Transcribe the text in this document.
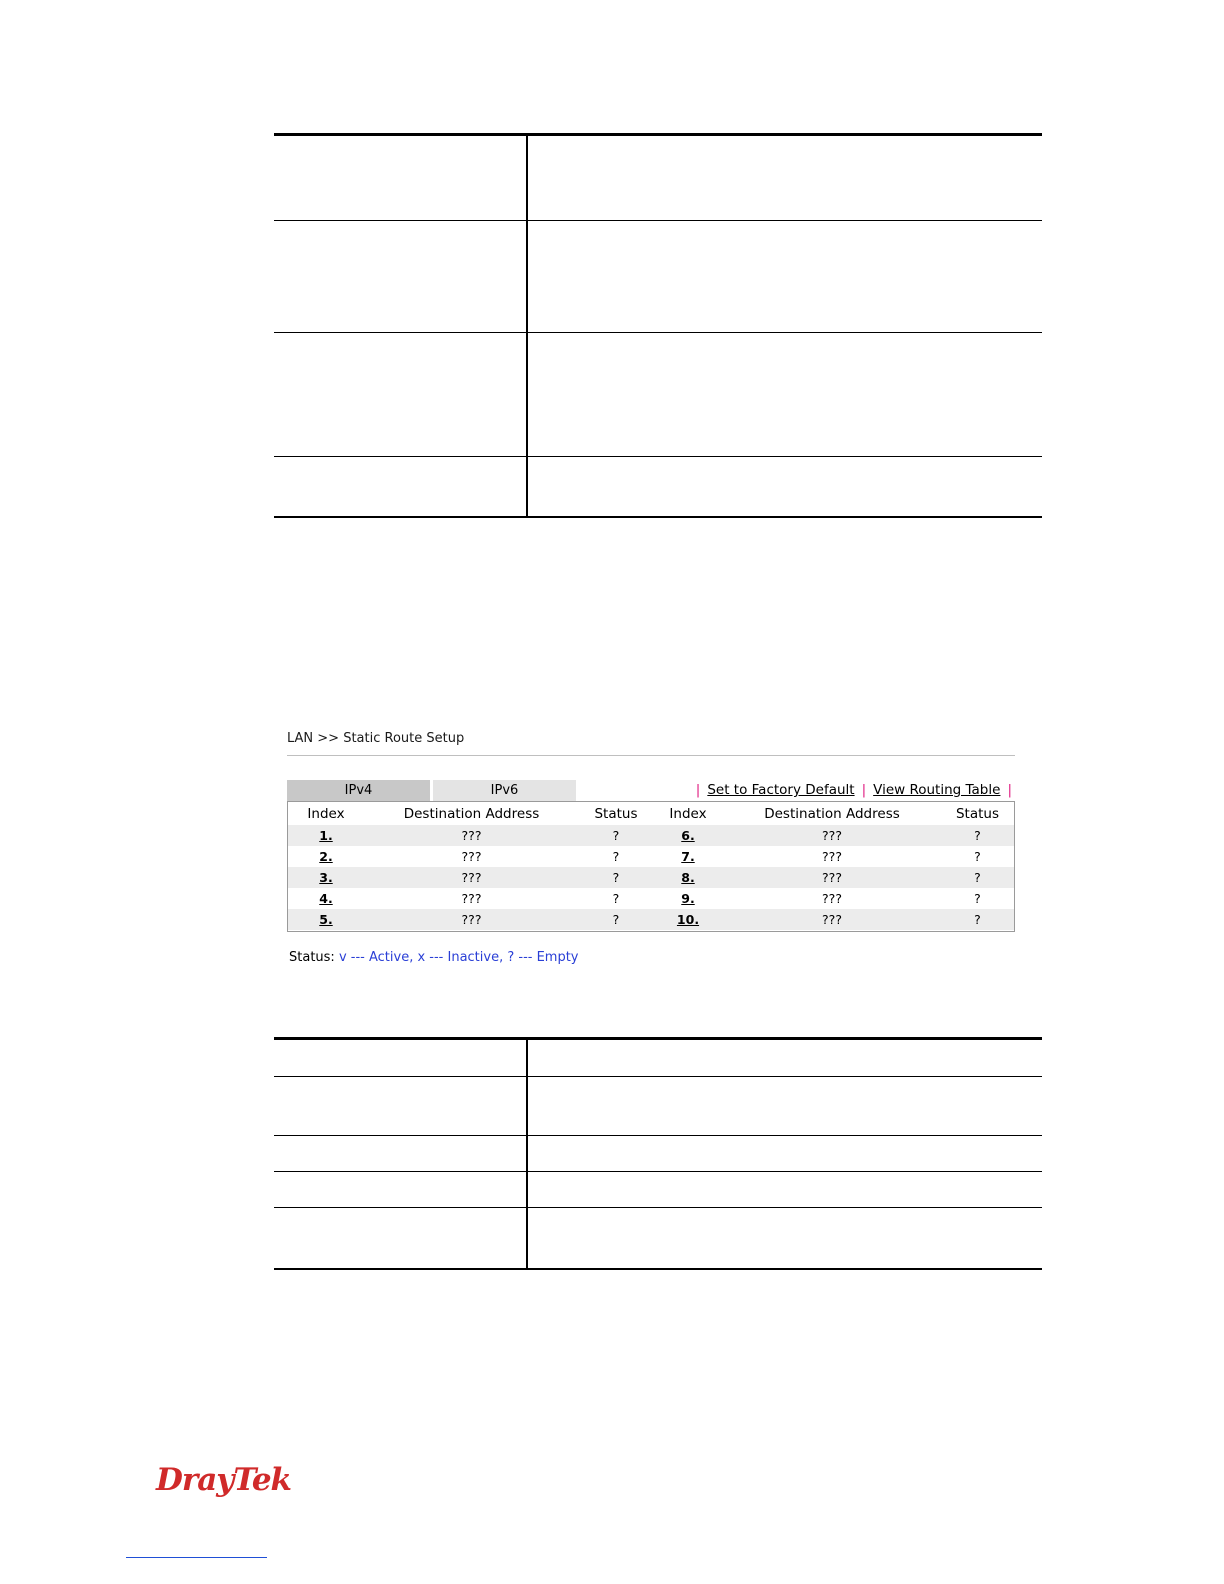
LAN >> Static Route Setup
IPv4	IPv6	| Set to Factory Default | View Routing Table |
Index	Destination Address	Status	Index	Destination Address	Status
1.	???	?	6.	???	?
2.	???	?	7.	???	?
3.	???	?	8.	???	?
4.	???	?	9.	???	?
5.	???	?	10.	???	?
Status: v --- Active, x --- Inactive, ? --- Empty
DrayTek
